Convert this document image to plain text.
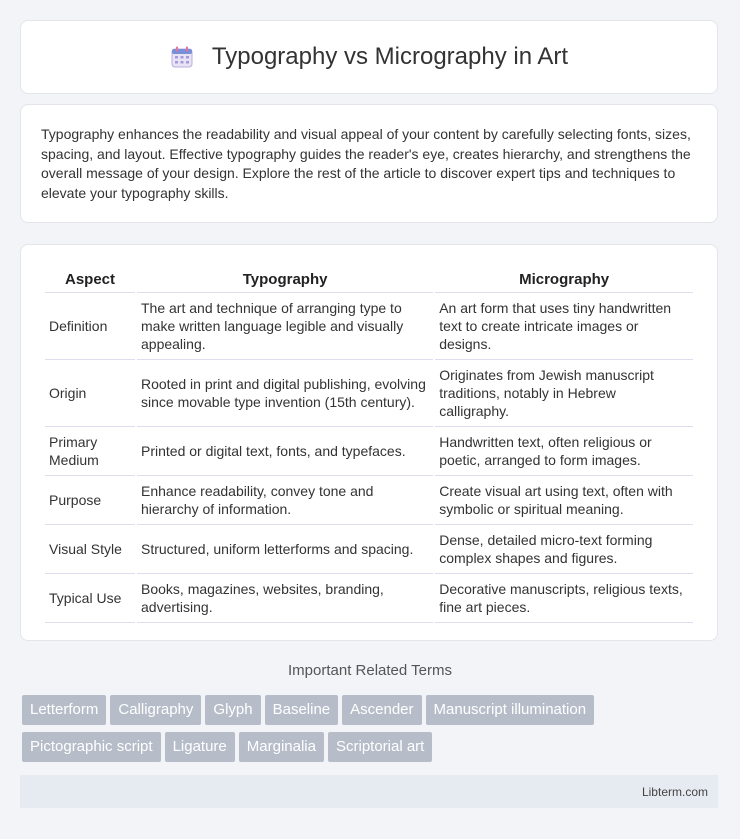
Typography vs Micrography in Art

Typography enhances the readability and visual appeal of your content by carefully selecting fonts, sizes, spacing, and layout. Effective typography guides the reader's eye, creates hierarchy, and strengthens the overall message of your design. Explore the rest of the article to discover expert tips and techniques to elevate your typography skills.

Aspect	Typography	Micrography
Definition	The art and technique of arranging type to make written language legible and visually appealing.	An art form that uses tiny handwritten text to create intricate images or designs.
Origin	Rooted in print and digital publishing, evolving since movable type invention (15th century).	Originates from Jewish manuscript traditions, notably in Hebrew calligraphy.
Primary Medium	Printed or digital text, fonts, and typefaces.	Handwritten text, often religious or poetic, arranged to form images.
Purpose	Enhance readability, convey tone and hierarchy of information.	Create visual art using text, often with symbolic or spiritual meaning.
Visual Style	Structured, uniform letterforms and spacing.	Dense, detailed micro-text forming complex shapes and figures.
Typical Use	Books, magazines, websites, branding, advertising.	Decorative manuscripts, religious texts, fine art pieces.
Important Related Terms
Letterform Calligraphy Glyph Baseline Ascender Manuscript illumination
Pictographic script Ligature Marginalia Scriptorial art
Libterm.com
